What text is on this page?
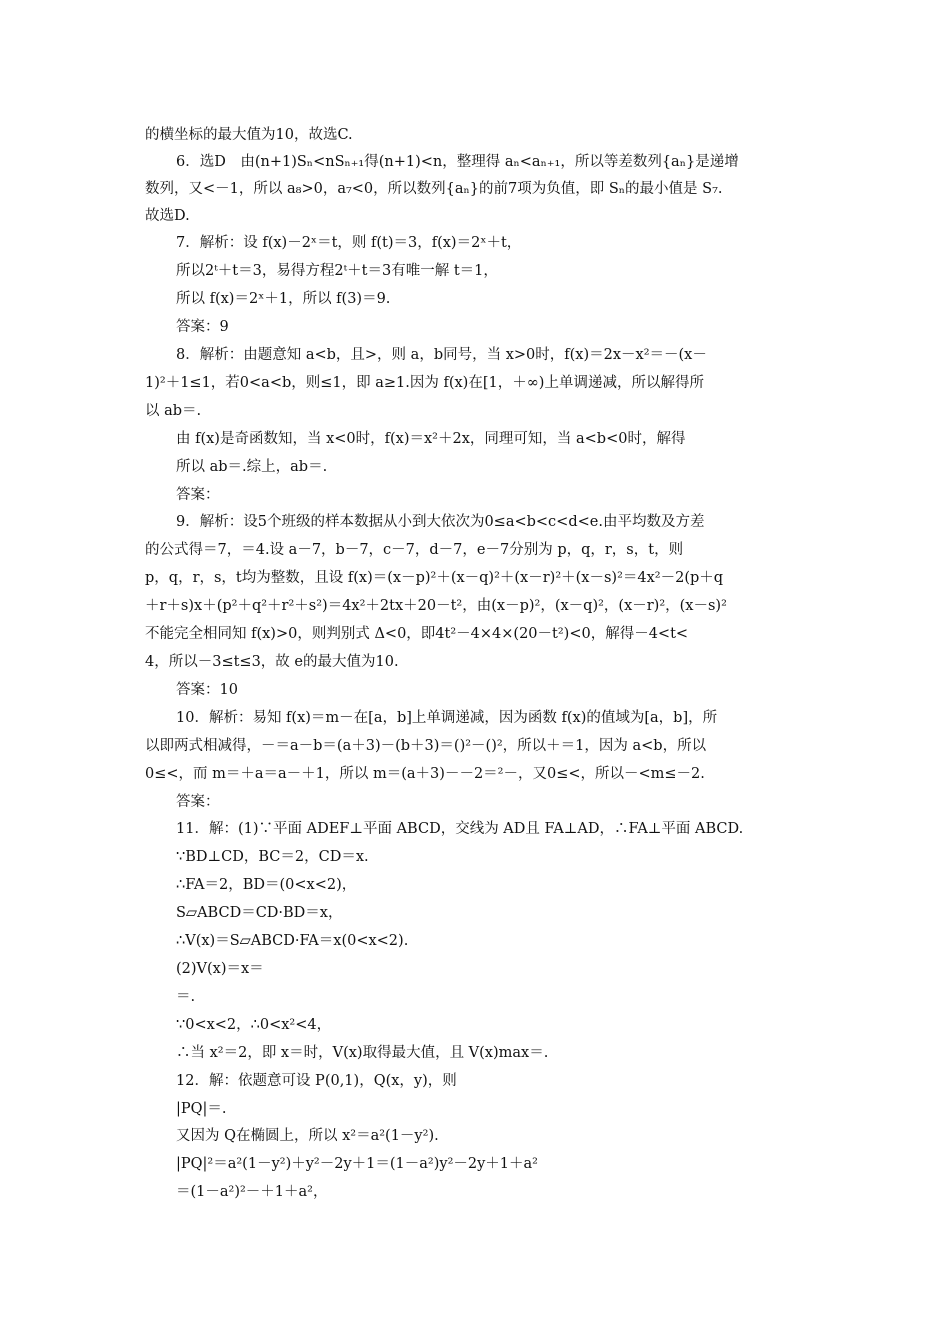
的横坐标的最大值为10，故选C.
6．选D　由(n+1)Sₙ<nSₙ₊₁得(n+1)<n，整理得 aₙ<aₙ₊₁，所以等差数列{aₙ}是递增
数列，又<－1，所以 a₈>0，a₇<0，所以数列{aₙ}的前7项为负值，即 Sₙ的最小值是 S₇.
故选D.
7．解析：设 f(x)－2ˣ＝t，则 f(t)＝3，f(x)＝2ˣ＋t，
所以2ᵗ＋t＝3，易得方程2ᵗ＋t＝3有唯一解 t＝1，
所以 f(x)＝2ˣ＋1，所以 f(3)＝9.
答案：9
8．解析：由题意知 a<b，且>，则 a，b同号，当 x>0时，f(x)＝2x－x²＝－(x－
1)²＋1≤1，若0<a<b，则≤1，即 a≥1.因为 f(x)在[1，＋∞)上单调递减，所以解得所
以 ab＝.
由 f(x)是奇函数知，当 x<0时，f(x)＝x²＋2x，同理可知，当 a<b<0时，解得
所以 ab＝.综上，ab＝.
答案：
9．解析：设5个班级的样本数据从小到大依次为0≤a<b<c<d<e.由平均数及方差
的公式得＝7，＝4.设 a－7，b－7，c－7，d－7，e－7分别为 p，q，r，s，t，则
p，q，r，s，t均为整数，且设 f(x)＝(x－p)²＋(x－q)²＋(x－r)²＋(x－s)²＝4x²－2(p＋q
＋r＋s)x＋(p²＋q²＋r²＋s²)＝4x²＋2tx＋20－t²，由(x－p)²，(x－q)²，(x－r)²，(x－s)²
不能完全相同知 f(x)>0，则判别式 Δ<0，即4t²－4×4×(20－t²)<0，解得－4<t<
4，所以－3≤t≤3，故 e的最大值为10.
答案：10
10．解析：易知 f(x)＝m－在[a，b]上单调递减，因为函数 f(x)的值域为[a，b]，所
以即两式相减得，－＝a－b＝(a＋3)－(b＋3)＝()²－()²，所以＋＝1，因为 a<b，所以
0≤<，而 m＝＋a＝a－＋1，所以 m＝(a＋3)－－2＝²－，又0≤<，所以－<m≤－2.
答案：
11．解：(1)∵平面 ADEF⊥平面 ABCD，交线为 AD且 FA⊥AD，∴FA⊥平面 ABCD.
∵BD⊥CD，BC＝2，CD＝x.
∴FA＝2，BD＝(0<x<2)，
S▱ABCD＝CD·BD＝x，
∴V(x)＝S▱ABCD·FA＝x(0<x<2).
(2)V(x)＝x＝
＝.
∵0<x<2，∴0<x²<4，
∴当 x²＝2，即 x＝时，V(x)取得最大值，且 V(x)max＝.
12．解：依题意可设 P(0,1)，Q(x，y)，则
|PQ|＝.
又因为 Q在椭圆上，所以 x²＝a²(1－y²).
|PQ|²＝a²(1－y²)＋y²－2y＋1＝(1－a²)y²－2y＋1＋a²
＝(1－a²)²－＋1＋a²，
